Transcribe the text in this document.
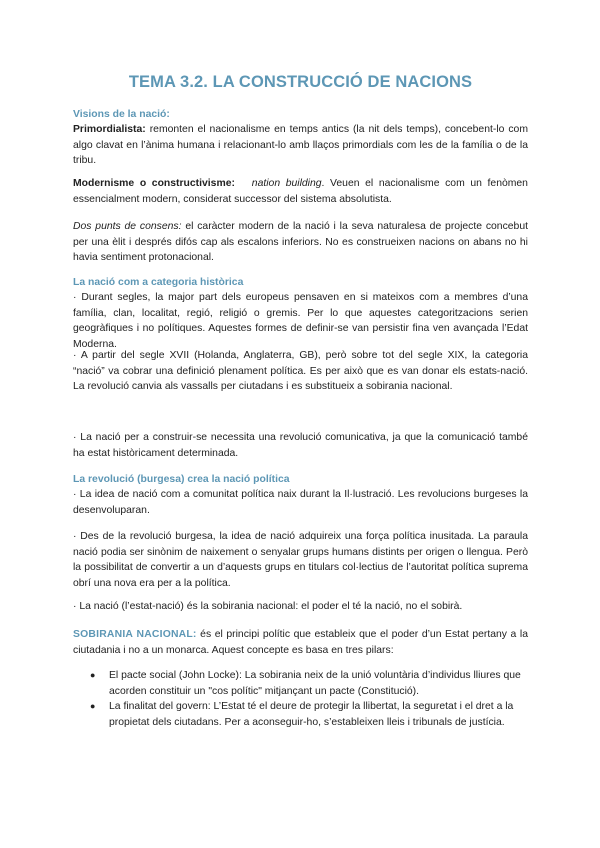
TEMA 3.2. LA CONSTRUCCIÓ DE NACIONS
Visions de la nació:

Primordialista: remonten el nacionalisme en temps antics (la nit dels temps), concebent-lo com algo clavat en l’ànima humana i relacionant-lo amb llaços primordials com les de la família o de la tribu.

Modernisme o constructivisme: nation building. Veuen el nacionalisme com un fenòmen essencialment modern, considerat successor del sistema absolutista.

Dos punts de consens: el caràcter modern de la nació i la seva naturalesa de projecte concebut per una èlit i després difós cap als escalons inferiors. No es construeixen nacions on abans no hi havia sentiment protonacional.

La nació com a categoria històrica

· Durant segles, la major part dels europeus pensaven en si mateixos com a membres d’una família, clan, localitat, regió, religió o gremis. Per lo que aquestes categoritzacions serien geogràfiques i no polítiques. Aquestes formes de definir-se van persistir fina ven avançada l’Edat Moderna.

· A partir del segle XVII (Holanda, Anglaterra, GB), però sobre tot del segle XIX, la categoria “nació” va cobrar una definició plenament política. Es per això que es van donar els estats-nació. La revolució canvia als vassalls per ciutadans i es substitueix a sobirania nacional.

· La nació per a construir-se necessita una revolució comunicativa, ja que la comunicació també ha estat històricament determinada.

La revolució (burgesa) crea la nació política

· La idea de nació com a comunitat política naix durant la Il·lustració. Les revolucions burgeses la desenvoluparan.

· Des de la revolució burgesa, la idea de nació adquireix una força política inusitada. La paraula nació podia ser sinònim de naixement o senyalar grups humans distints per origen o llengua. Però la possibilitat de convertir a un d’aquests grups en titulars col·lectius de l’autoritat política suprema obrí una nova era per a la política.

· La nació (l’estat-nació) és la sobirania nacional: el poder el té la nació, no el sobirà.

SOBIRANIA NACIONAL: és el principi polític que estableix que el poder d’un Estat pertany a la ciutadania i no a un monarca. Aquest concepte es basa en tres pilars:

● El pacte social (John Locke): La sobirania neix de la unió voluntària d’individus lliures que acorden constituir un "cos polític" mitjançant un pacte (Constitució).
● La finalitat del govern: L’Estat té el deure de protegir la llibertat, la seguretat i el dret a la propietat dels ciutadans. Per a aconseguir-ho, s’estableixen lleis i tribunals de justícia.
